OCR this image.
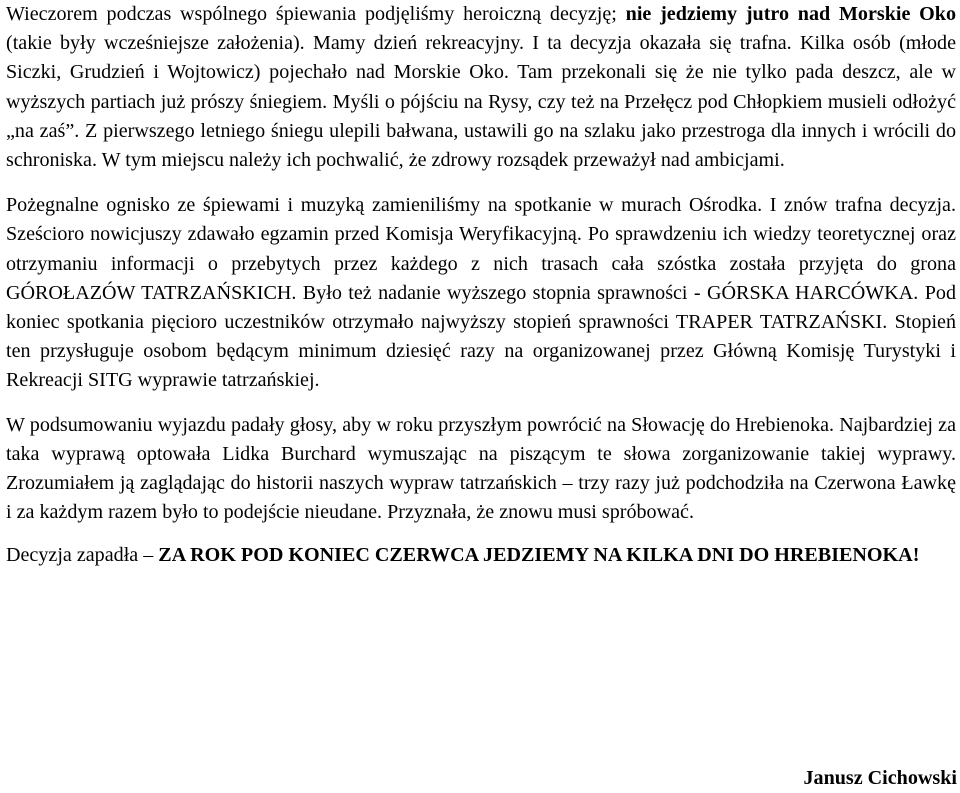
Wieczorem podczas wspólnego śpiewania podjęliśmy heroiczną decyzję; nie jedziemy jutro nad Morskie Oko (takie były wcześniejsze założenia). Mamy dzień rekreacyjny. I ta decyzja okazała się trafna. Kilka osób (młode Siczki, Grudzień i Wojtowicz) pojechało nad Morskie Oko. Tam przekonali się że nie tylko pada deszcz, ale w wyższych partiach już prószy śniegiem. Myśli o pójściu na Rysy, czy też na Przełęcz pod Chłopkiem musieli odłożyć „na zaś”. Z pierwszego letniego śniegu ulepili bałwana, ustawili go na szlaku jako przestroga dla innych i wrócili do schroniska. W tym miejscu należy ich pochwalić, że zdrowy rozsądek przeważył nad ambicjami.

Pożegnalne ognisko ze śpiewami i muzyką zamieniliśmy na spotkanie w murach Ośrodka. I znów trafna decyzja. Sześcioro nowicjuszy zdawało egzamin przed Komisja Weryfikacyjną. Po sprawdzeniu ich wiedzy teoretycznej oraz otrzymaniu informacji o przebytych przez każdego z nich trasach cała szóstka została przyjęta do grona GÓROŁAZÓW TATRZAŃSKICH. Było też nadanie wyższego stopnia sprawności - GÓRSKA HARCÓWKA. Pod koniec spotkania pięcioro uczestników otrzymało najwyższy stopień sprawności TRAPER TATRZAŃSKI. Stopień ten przysługuje osobom będącym minimum dziesięć razy na organizowanej przez Główną Komisję Turystyki i Rekreacji SITG wyprawie tatrzańskiej.

W podsumowaniu wyjazdu padały głosy, aby w roku przyszłym powrócić na Słowację do Hrebienoka. Najbardziej za taka wyprawą optowała Lidka Burchard wymuszając na piszącym te słowa zorganizowanie takiej wyprawy. Zrozumiałem ją zaglądając do historii naszych wypraw tatrzańskich – trzy razy już podchodziła na Czerwona Ławkę i za każdym razem było to podejście nieudane. Przyznała, że znowu musi spróbować.

Decyzja zapadła – ZA ROK POD KONIEC CZERWCA JEDZIEMY NA KILKA DNI DO HREBIENOKA!

Janusz Cichowski
